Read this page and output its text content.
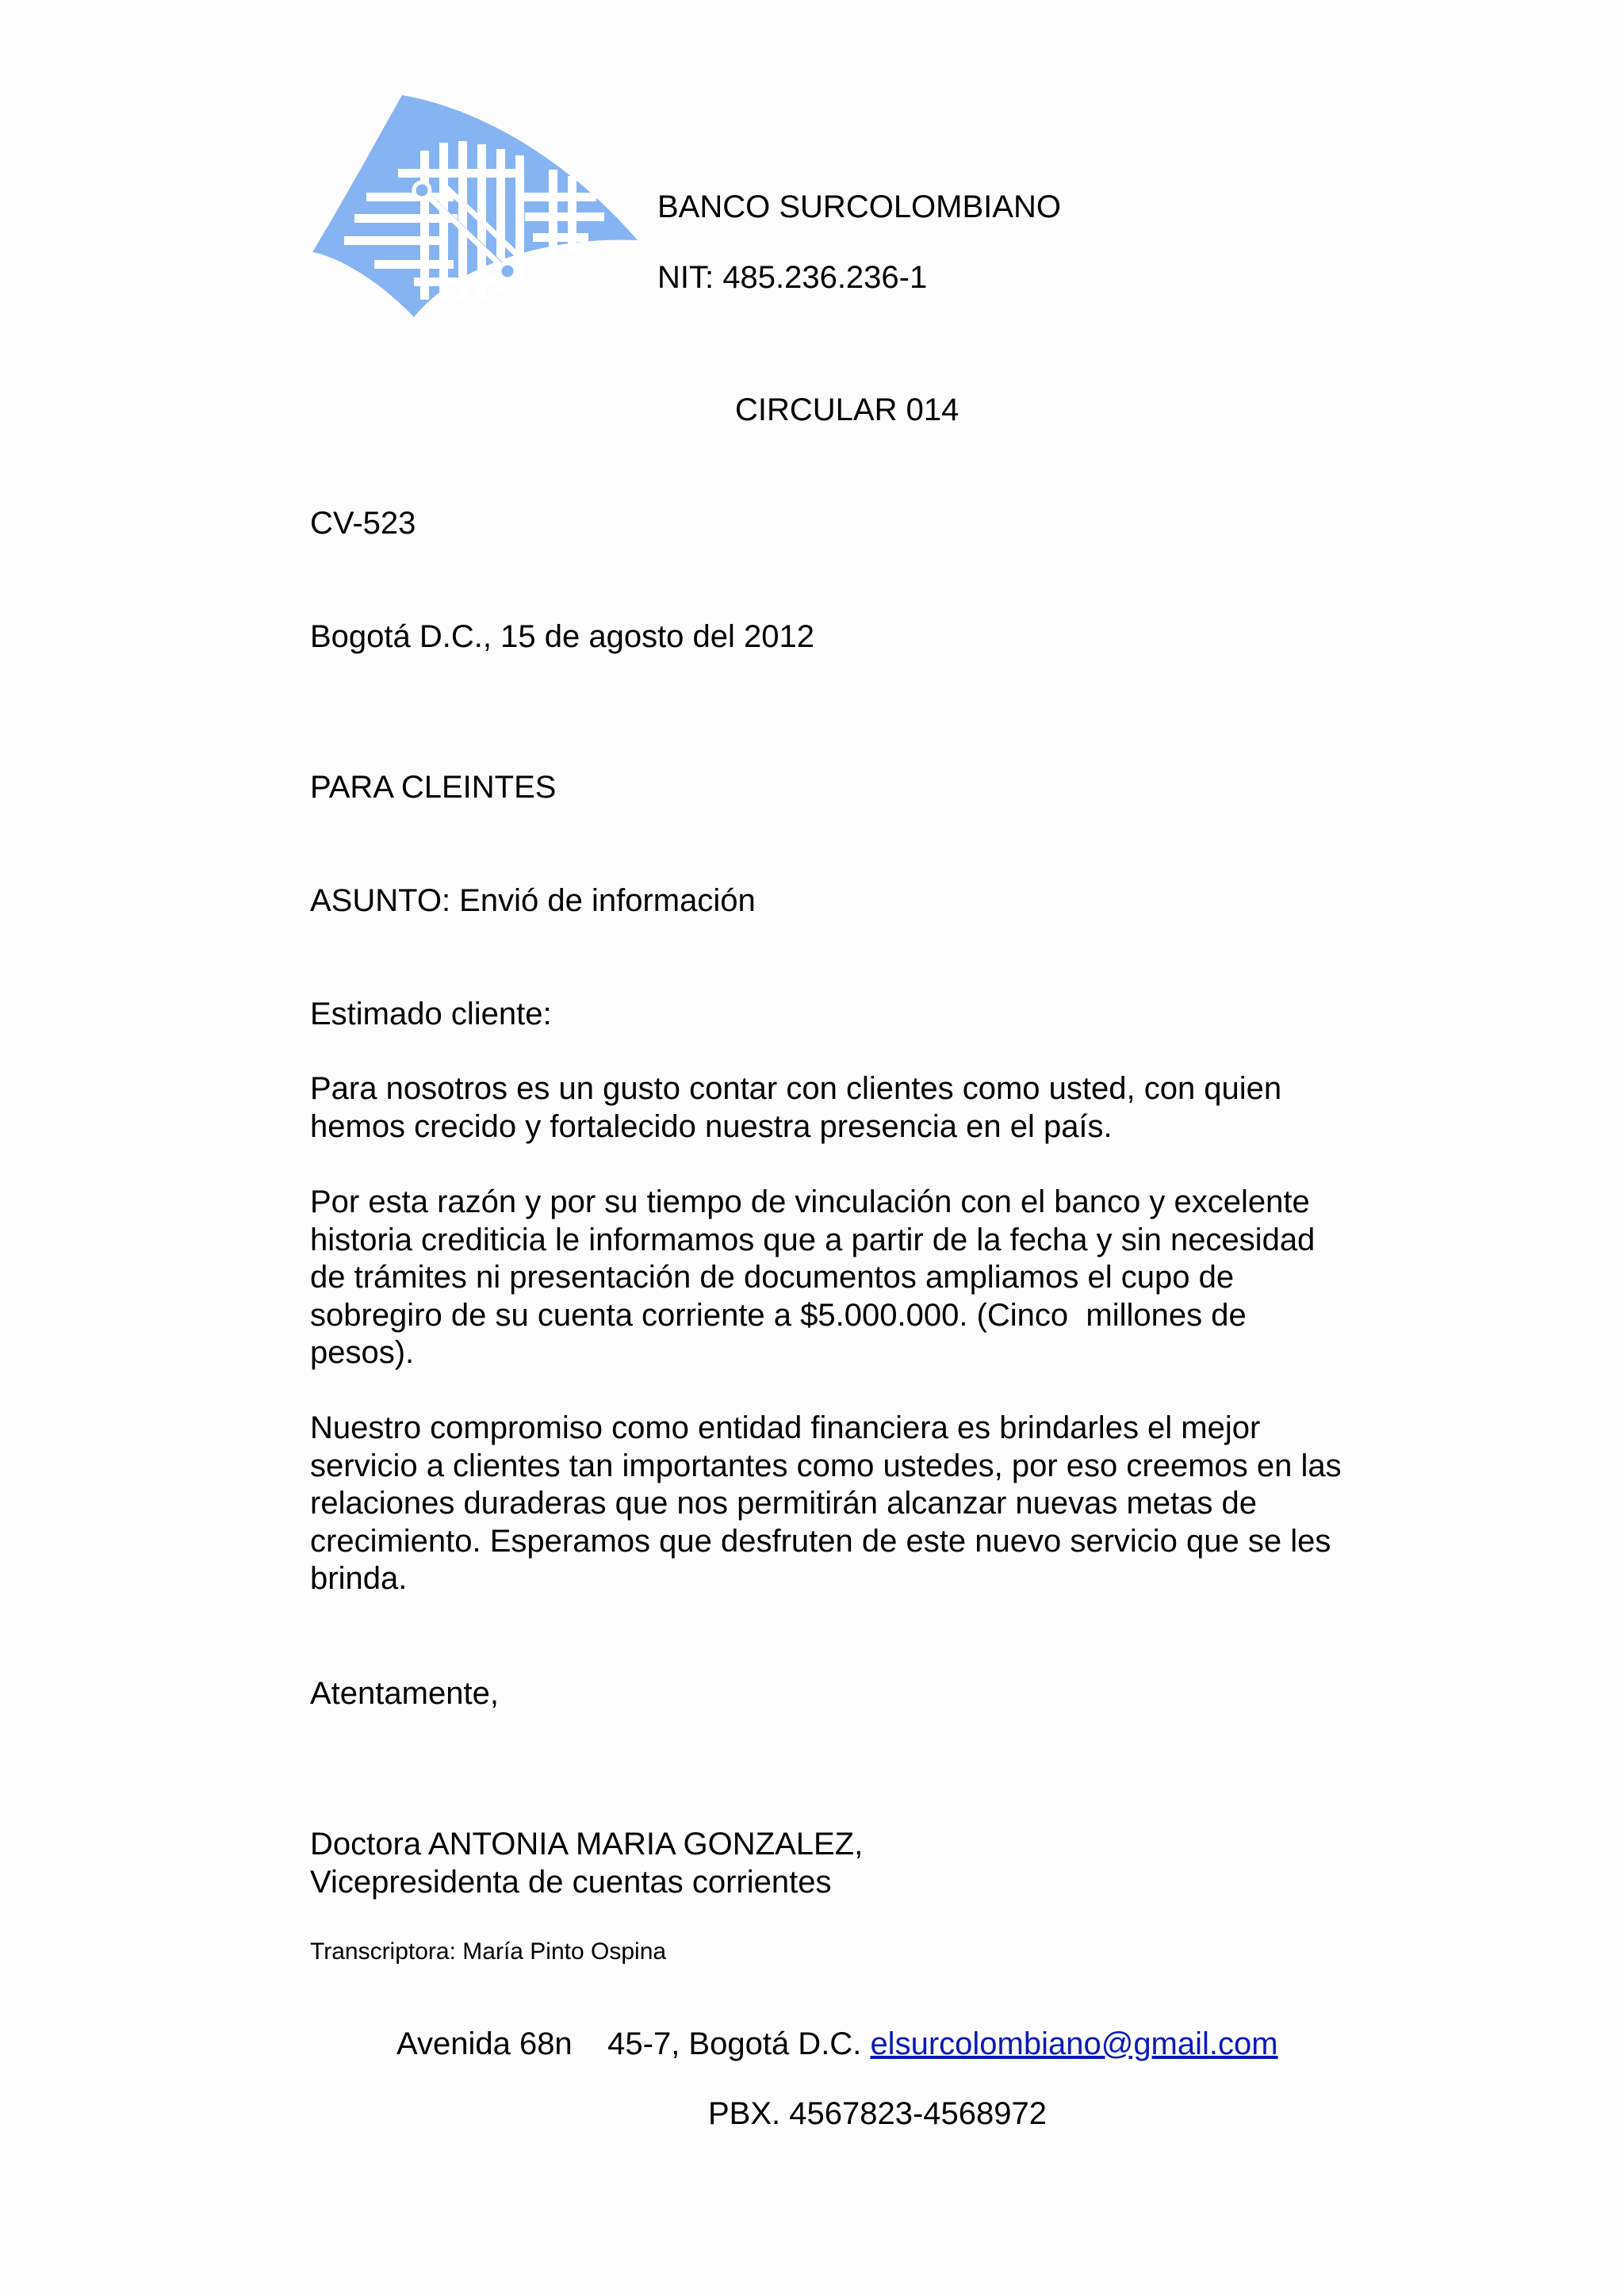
BANCO SURCOLOMBIANO

NIT: 485.236.236-1

CIRCULAR 014

CV-523

Bogotá D.C., 15 de agosto del 2012

PARA CLEINTES

ASUNTO: Envió de información

Estimado cliente:

Para nosotros es un gusto contar con clientes como usted, con quien
hemos crecido y fortalecido nuestra presencia en el país.
Por esta razón y por su tiempo de vinculación con el banco y excelente
historia crediticia le informamos que a partir de la fecha y sin necesidad
de trámites ni presentación de documentos ampliamos el cupo de
sobregiro de su cuenta corriente a $5.000.000. (Cinco  millones de
pesos).
Nuestro compromiso como entidad financiera es brindarles el mejor
servicio a clientes tan importantes como ustedes, por eso creemos en las
relaciones duraderas que nos permitirán alcanzar nuevas metas de
crecimiento. Esperamos que desfruten de este nuevo servicio que se les
brinda.

Atentamente,

Doctora ANTONIA MARIA GONZALEZ,

Vicepresidenta de cuentas corrientes

Transcriptora: María Pinto Ospina

Avenida 68n    45-7, Bogotá D.C. elsurcolombiano@gmail.com

PBX. 4567823-4568972
